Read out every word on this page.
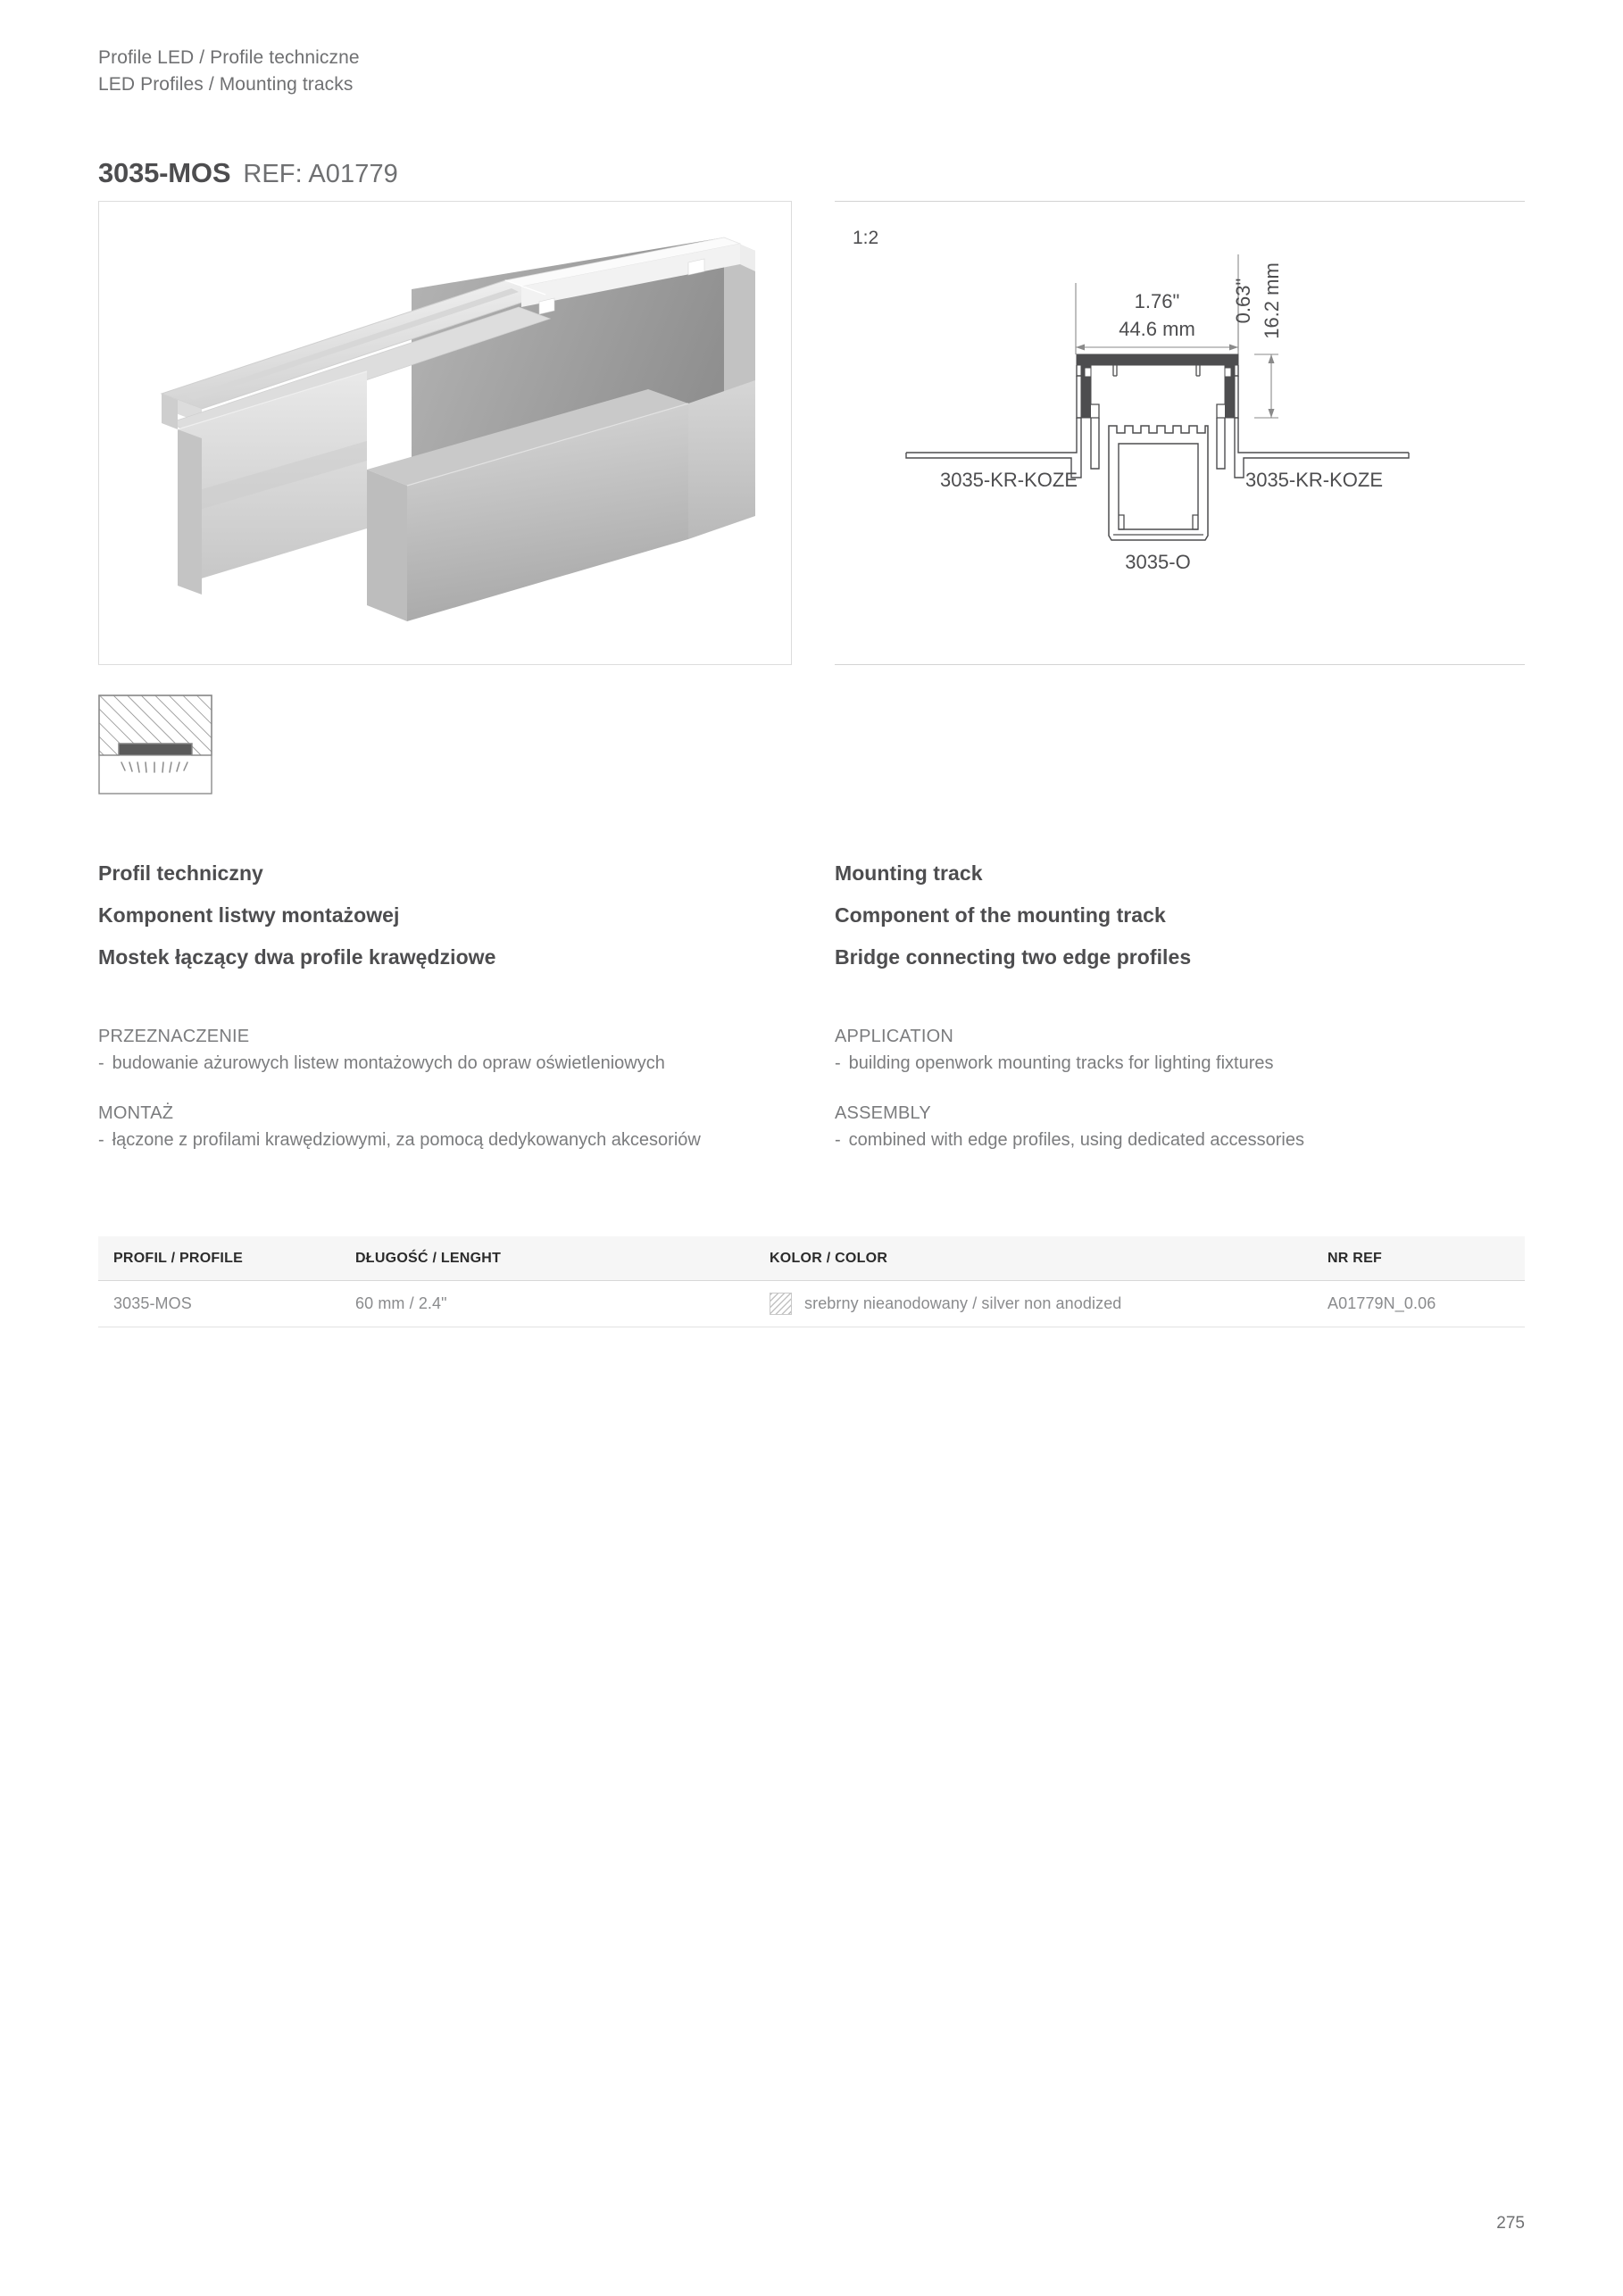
Profile LED / Profile techniczne
LED Profiles / Mounting tracks
3035-MOS REF: A01779
1:2
1.76"
44.6 mm
0.63" 16.2 mm
3035-KR-KOZE	3035-KR-KOZE
3035-O
Profil techniczny
Komponent listwy montażowej
Mostek łączący dwa profile krawędziowe
PRZEZNACZENIE
- budowanie ażurowych listew montażowych do opraw oświetleniowych
MONTAŻ
- łączone z profilami krawędziowymi, za pomocą dedykowanych akcesoriów
Mounting track
Component of the mounting track
Bridge connecting two edge profiles
APPLICATION
- building openwork mounting tracks for lighting fixtures
ASSEMBLY
- combined with edge profiles, using dedicated accessories
PROFIL / PROFILE	DŁUGOŚĆ / LENGHT	KOLOR / COLOR	NR REF
3035-MOS	60 mm / 2.4"	srebrny nieanodowany / silver non anodized	A01779N_0.06
275
